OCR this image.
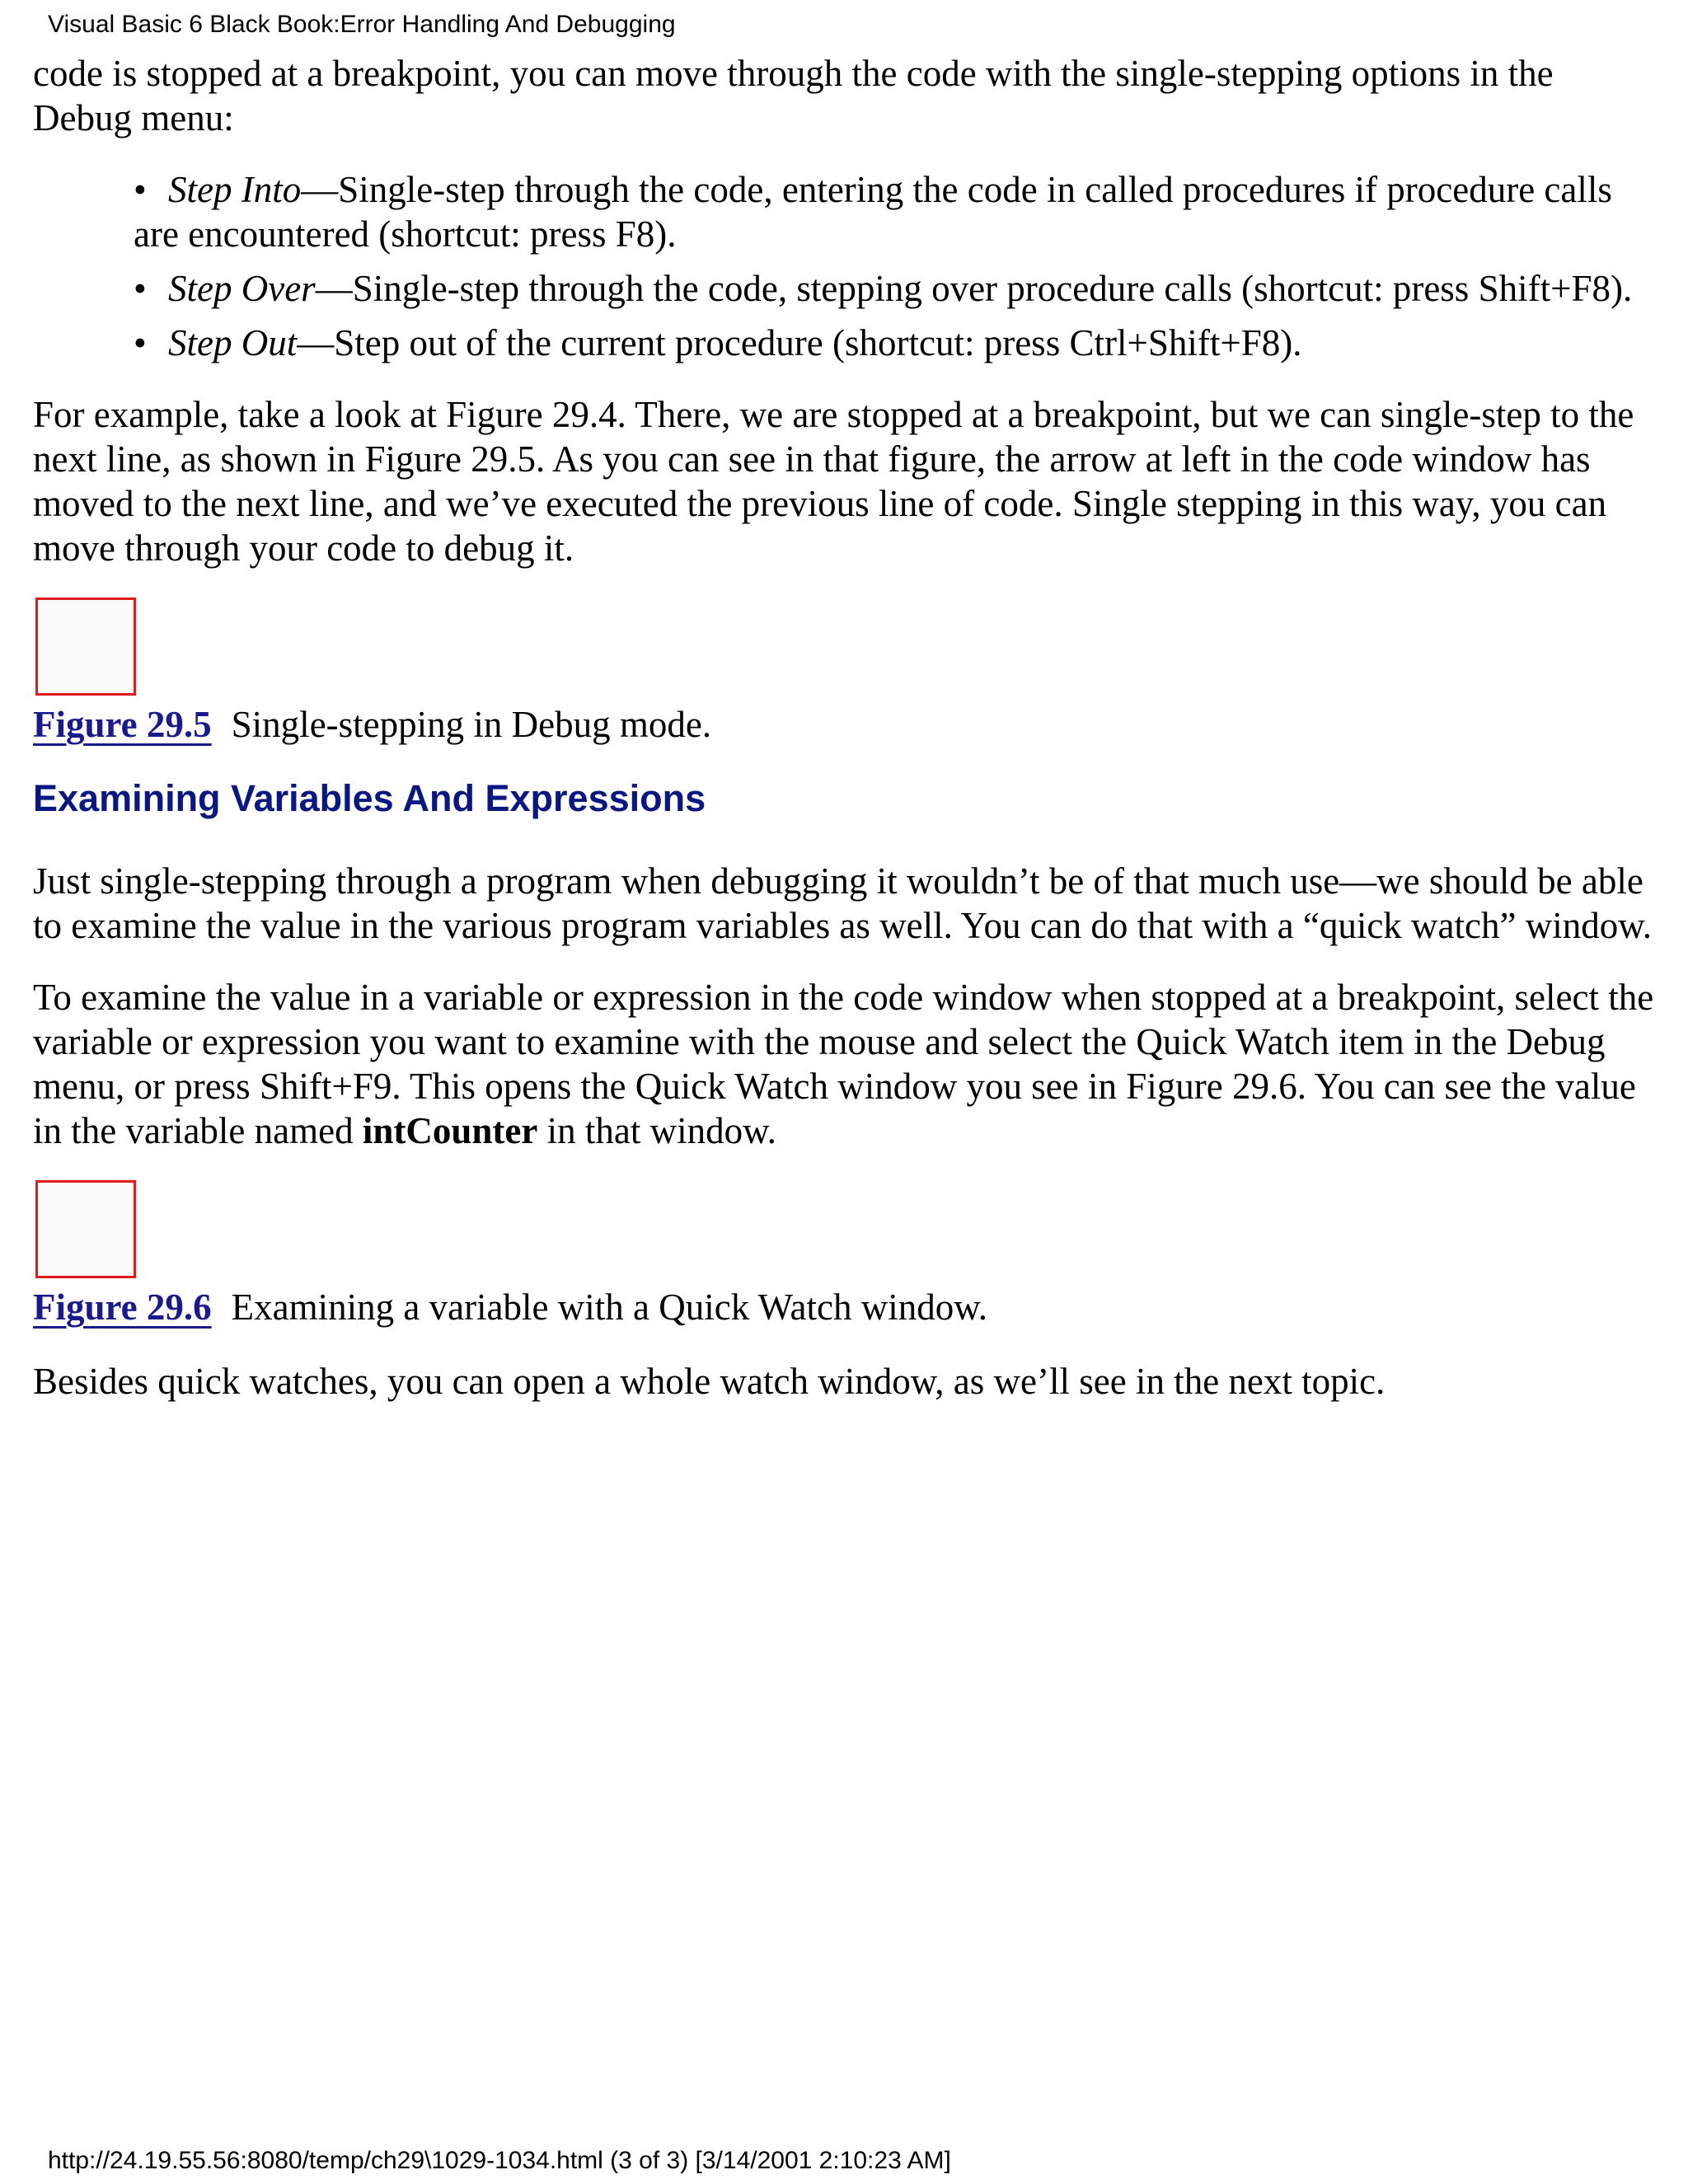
Visual Basic 6 Black Book:Error Handling And Debugging

code is stopped at a breakpoint, you can move through the code with the single-stepping options in the Debug menu:

• Step Into—Single-step through the code, entering the code in called procedures if procedure calls are encountered (shortcut: press F8).
• Step Over—Single-step through the code, stepping over procedure calls (shortcut: press Shift+F8).
• Step Out—Step out of the current procedure (shortcut: press Ctrl+Shift+F8).

For example, take a look at Figure 29.4. There, we are stopped at a breakpoint, but we can single-step to the next line, as shown in Figure 29.5. As you can see in that figure, the arrow at left in the code window has moved to the next line, and we’ve executed the previous line of code. Single stepping in this way, you can move through your code to debug it.

Figure 29.5 Single-stepping in Debug mode.

Examining Variables And Expressions

Just single-stepping through a program when debugging it wouldn’t be of that much use—we should be able to examine the value in the various program variables as well. You can do that with a “quick watch” window.

To examine the value in a variable or expression in the code window when stopped at a breakpoint, select the variable or expression you want to examine with the mouse and select the Quick Watch item in the Debug menu, or press Shift+F9. This opens the Quick Watch window you see in Figure 29.6. You can see the value in the variable named intCounter in that window.

Figure 29.6 Examining a variable with a Quick Watch window.

Besides quick watches, you can open a whole watch window, as we’ll see in the next topic.

http://24.19.55.56:8080/temp/ch29\1029-1034.html (3 of 3) [3/14/2001 2:10:23 AM]
